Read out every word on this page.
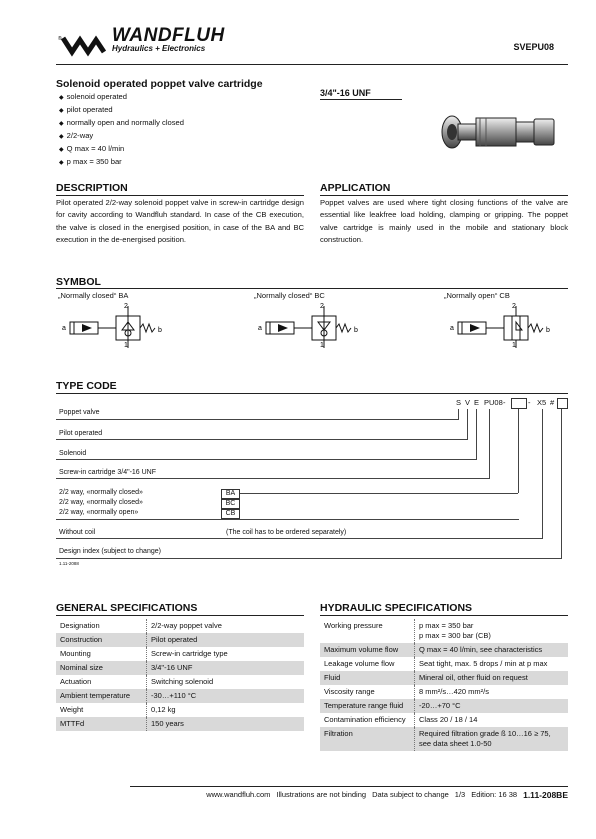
®	WANDFLUH
Hydraulics + Electronics	SVEPU08
Solenoid operated poppet valve cartridge
◆ solenoid operated
◆ pilot operated
◆ normally open and normally closed
◆ 2/2-way
◆ Q max = 40 l/min
◆ p max = 350 bar
3/4"-16 UNF
DESCRIPTION
Pilot operated 2/2-way solenoid poppet valve in screw-in cartridge design for cavity according to Wandfluh standard. In case of the CB execution, the valve is closed in the energised position, in case of the BA and BC execution in the de-energised position.
APPLICATION
Poppet valves are used where tight closing functions of the valve are essential like leakfree load holding, clamping or gripping. The poppet valve cartridge is mainly used in the mobile and stationary block construction.
SYMBOL
„Normally closed“ BA	„Normally closed“ BC	„Normally open“ CB
a
2
1
b	a
2
1
b	a
2
1
b
TYPE CODE
S V E PU08 -	- X5 #
Poppet valve
Pilot operated
Solenoid
Screw-in cartridge 3/4"-16 UNF
2/2 way, «normally closed»	BA
2/2 way, «normally closed»	BC
2/2 way, «normally open»	CB
Without coil	(The coil has to be ordered separately)
Design index (subject to change)
1.11-2088
GENERAL SPECIFICATIONS
Designation	2/2-way poppet valve
Construction	Pilot operated
Mounting	Screw-in cartridge type
Nominal size	3/4"-16 UNF
Actuation	Switching solenoid
Ambient temperature	-30…+110 °C
Weight	0,12 kg
MTTFd	150 years
HYDRAULIC SPECIFICATIONS
Working pressure	p max = 350 bar
p max = 300 bar (CB)
Maximum volume flow	Q max = 40 l/min, see characteristics
Leakage volume flow	Seat tight, max. 5 drops / min at p max
Fluid	Mineral oil, other fluid on request
Viscosity range	8 mm²/s…420 mm²/s
Temperature range fluid	-20…+70 °C
Contamination efficiency	Class 20 / 18 / 14
Filtration	Required filtration grade ß 10…16 ≥ 75, see data sheet 1.0-50
www.wandfluh.com Illustrations are not binding Data subject to change 1/3 Edition: 16 38 1.11-208BE
